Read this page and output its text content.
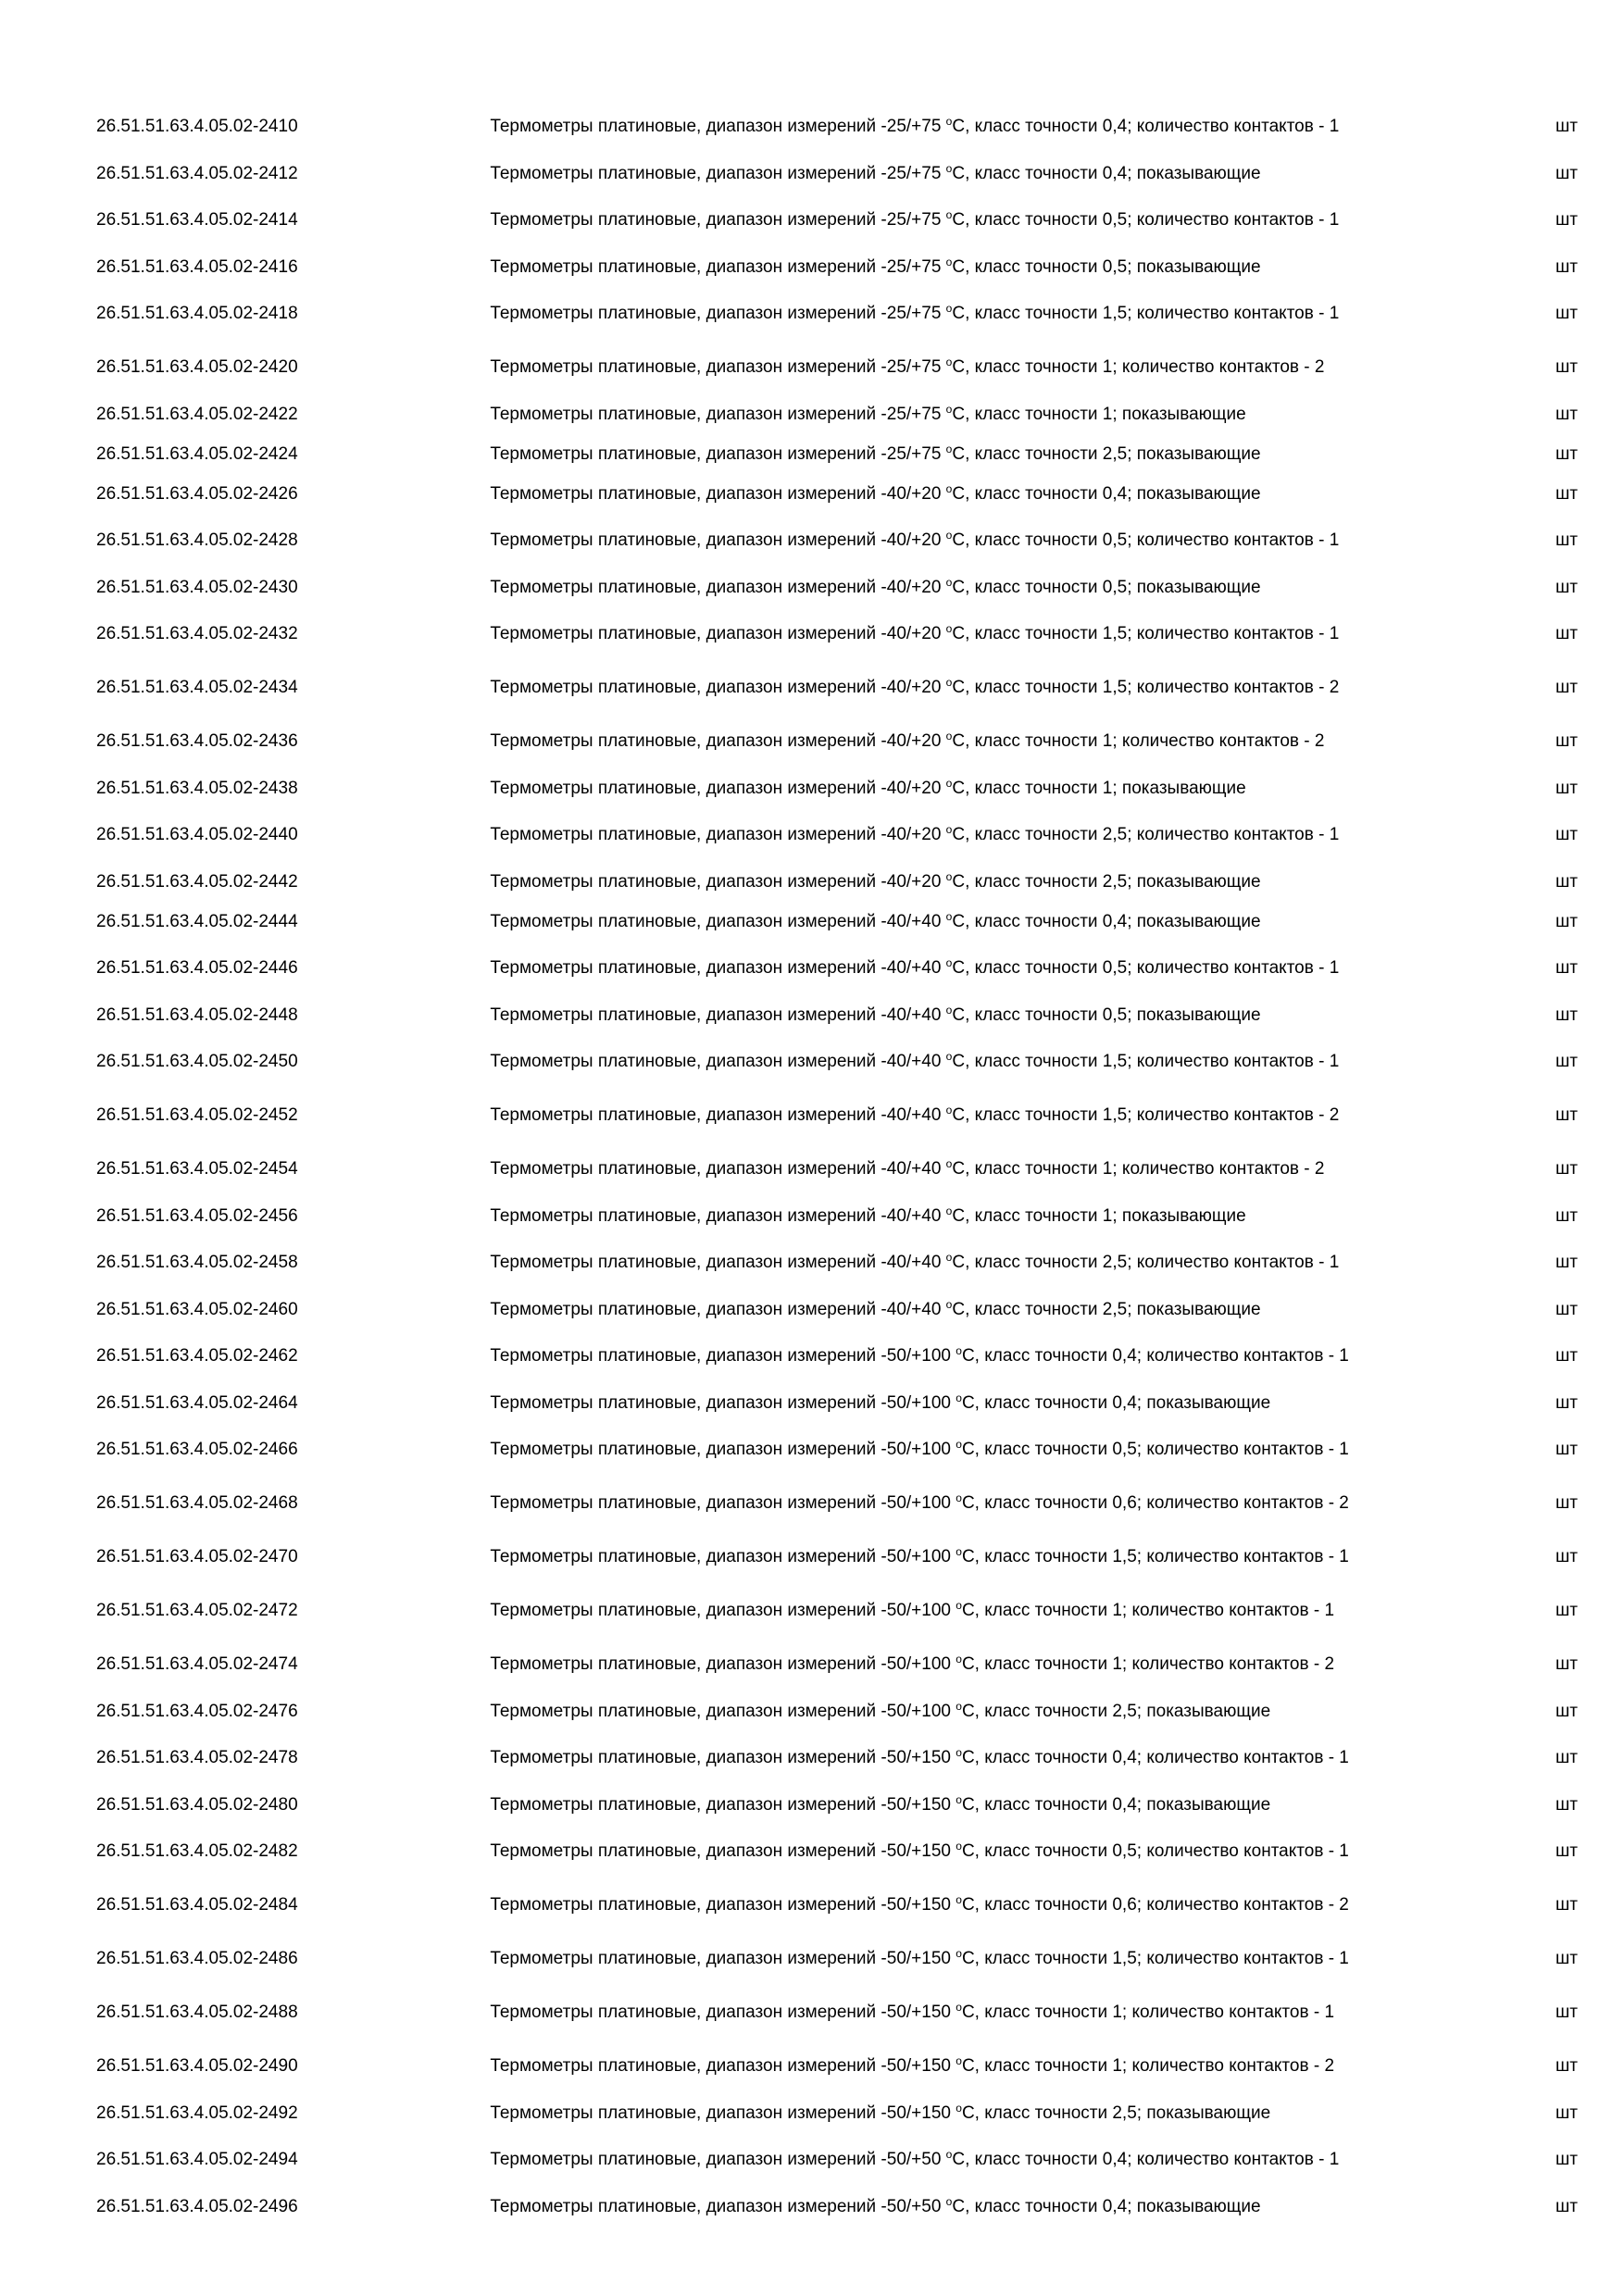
26.51.51.63.4.05.02-2410	Термометры платиновые, диапазон измерений -25/+75 $^о$С, класс точности 0,4; количество контактов - 1	шт
26.51.51.63.4.05.02-2412	Термометры платиновые, диапазон измерений -25/+75 $^о$С, класс точности 0,4; показывающие	шт
26.51.51.63.4.05.02-2414	Термометры платиновые, диапазон измерений -25/+75 $^о$С, класс точности 0,5; количество контактов - 1	шт
26.51.51.63.4.05.02-2416	Термометры платиновые, диапазон измерений -25/+75 $^о$С, класс точности 0,5; показывающие	шт
26.51.51.63.4.05.02-2418	Термометры платиновые, диапазон измерений -25/+75 $^о$С, класс точности 1,5; количество контактов - 1	шт
26.51.51.63.4.05.02-2420	Термометры платиновые, диапазон измерений -25/+75 $^о$С, класс точности 1; количество контактов - 2	шт
26.51.51.63.4.05.02-2422	Термометры платиновые, диапазон измерений -25/+75 $^о$С, класс точности 1; показывающие	шт
26.51.51.63.4.05.02-2424	Термометры платиновые, диапазон измерений -25/+75 $^о$С, класс точности 2,5; показывающие	шт
26.51.51.63.4.05.02-2426	Термометры платиновые, диапазон измерений -40/+20 $^о$С, класс точности 0,4; показывающие	шт
26.51.51.63.4.05.02-2428	Термометры платиновые, диапазон измерений -40/+20 $^о$С, класс точности 0,5; количество контактов - 1	шт
26.51.51.63.4.05.02-2430	Термометры платиновые, диапазон измерений -40/+20 $^о$С, класс точности 0,5; показывающие	шт
26.51.51.63.4.05.02-2432	Термометры платиновые, диапазон измерений -40/+20 $^о$С, класс точности 1,5; количество контактов - 1	шт
26.51.51.63.4.05.02-2434	Термометры платиновые, диапазон измерений -40/+20 $^о$С, класс точности 1,5; количество контактов - 2	шт
26.51.51.63.4.05.02-2436	Термометры платиновые, диапазон измерений -40/+20 $^о$С, класс точности 1; количество контактов - 2	шт
26.51.51.63.4.05.02-2438	Термометры платиновые, диапазон измерений -40/+20 $^о$С, класс точности 1; показывающие	шт
26.51.51.63.4.05.02-2440	Термометры платиновые, диапазон измерений -40/+20 $^о$С, класс точности 2,5; количество контактов - 1	шт
26.51.51.63.4.05.02-2442	Термометры платиновые, диапазон измерений -40/+20 $^о$С, класс точности 2,5; показывающие	шт
26.51.51.63.4.05.02-2444	Термометры платиновые, диапазон измерений -40/+40 $^о$С, класс точности 0,4; показывающие	шт
26.51.51.63.4.05.02-2446	Термометры платиновые, диапазон измерений -40/+40 $^о$С, класс точности 0,5; количество контактов - 1	шт
26.51.51.63.4.05.02-2448	Термометры платиновые, диапазон измерений -40/+40 $^о$С, класс точности 0,5; показывающие	шт
26.51.51.63.4.05.02-2450	Термометры платиновые, диапазон измерений -40/+40 $^о$С, класс точности 1,5; количество контактов - 1	шт
26.51.51.63.4.05.02-2452	Термометры платиновые, диапазон измерений -40/+40 $^о$С, класс точности 1,5; количество контактов - 2	шт
26.51.51.63.4.05.02-2454	Термометры платиновые, диапазон измерений -40/+40 $^о$С, класс точности 1; количество контактов - 2	шт
26.51.51.63.4.05.02-2456	Термометры платиновые, диапазон измерений -40/+40 $^о$С, класс точности 1; показывающие	шт
26.51.51.63.4.05.02-2458	Термометры платиновые, диапазон измерений -40/+40 $^о$С, класс точности 2,5; количество контактов - 1	шт
26.51.51.63.4.05.02-2460	Термометры платиновые, диапазон измерений -40/+40 $^о$С, класс точности 2,5; показывающие	шт
26.51.51.63.4.05.02-2462	Термометры платиновые, диапазон измерений -50/+100 $^о$С, класс точности 0,4; количество контактов - 1	шт
26.51.51.63.4.05.02-2464	Термометры платиновые, диапазон измерений -50/+100 $^о$С, класс точности 0,4; показывающие	шт
26.51.51.63.4.05.02-2466	Термометры платиновые, диапазон измерений -50/+100 $^о$С, класс точности 0,5; количество контактов - 1	шт
26.51.51.63.4.05.02-2468	Термометры платиновые, диапазон измерений -50/+100 $^о$С, класс точности 0,6; количество контактов - 2	шт
26.51.51.63.4.05.02-2470	Термометры платиновые, диапазон измерений -50/+100 $^о$С, класс точности 1,5; количество контактов - 1	шт
26.51.51.63.4.05.02-2472	Термометры платиновые, диапазон измерений -50/+100 $^о$С, класс точности 1; количество контактов - 1	шт
26.51.51.63.4.05.02-2474	Термометры платиновые, диапазон измерений -50/+100 $^о$С, класс точности 1; количество контактов - 2	шт
26.51.51.63.4.05.02-2476	Термометры платиновые, диапазон измерений -50/+100 $^о$С, класс точности 2,5; показывающие	шт
26.51.51.63.4.05.02-2478	Термометры платиновые, диапазон измерений -50/+150 $^о$С, класс точности 0,4; количество контактов - 1	шт
26.51.51.63.4.05.02-2480	Термометры платиновые, диапазон измерений -50/+150 $^о$С, класс точности 0,4; показывающие	шт
26.51.51.63.4.05.02-2482	Термометры платиновые, диапазон измерений -50/+150 $^о$С, класс точности 0,5; количество контактов - 1	шт
26.51.51.63.4.05.02-2484	Термометры платиновые, диапазон измерений -50/+150 $^о$С, класс точности 0,6; количество контактов - 2	шт
26.51.51.63.4.05.02-2486	Термометры платиновые, диапазон измерений -50/+150 $^о$С, класс точности 1,5; количество контактов - 1	шт
26.51.51.63.4.05.02-2488	Термометры платиновые, диапазон измерений -50/+150 $^о$С, класс точности 1; количество контактов - 1	шт
26.51.51.63.4.05.02-2490	Термометры платиновые, диапазон измерений -50/+150 $^о$С, класс точности 1; количество контактов - 2	шт
26.51.51.63.4.05.02-2492	Термометры платиновые, диапазон измерений -50/+150 $^о$С, класс точности 2,5; показывающие	шт
26.51.51.63.4.05.02-2494	Термометры платиновые, диапазон измерений -50/+50 $^о$С, класс точности 0,4; количество контактов - 1	шт
26.51.51.63.4.05.02-2496	Термометры платиновые, диапазон измерений -50/+50 $^о$С, класс точности 0,4; показывающие	шт
